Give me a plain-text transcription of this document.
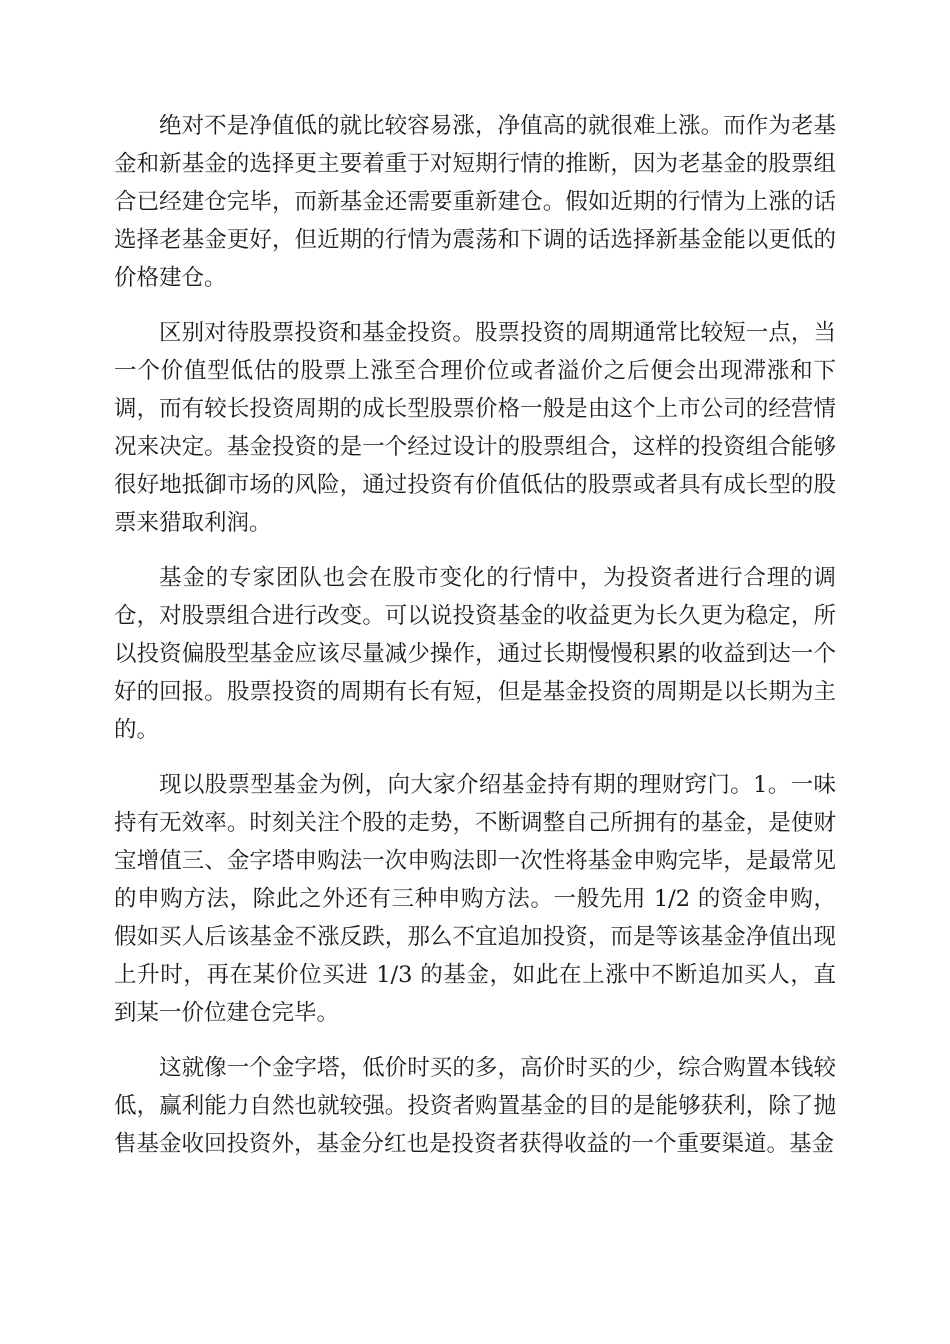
绝对不是净值低的就比较容易涨，净值高的就很难上涨。而作为老基金和新基金的选择更主要着重于对短期行情的推断，因为老基金的股票组合已经建仓完毕，而新基金还需要重新建仓。假如近期的行情为上涨的话选择老基金更好，但近期的行情为震荡和下调的话选择新基金能以更低的价格建仓。

区别对待股票投资和基金投资。股票投资的周期通常比较短一点，当一个价值型低估的股票上涨至合理价位或者溢价之后便会出现滞涨和下调，而有较长投资周期的成长型股票价格一般是由这个上市公司的经营情况来决定。基金投资的是一个经过设计的股票组合，这样的投资组合能够很好地抵御市场的风险，通过投资有价值低估的股票或者具有成长型的股票来猎取利润。

基金的专家团队也会在股市变化的行情中，为投资者进行合理的调仓，对股票组合进行改变。可以说投资基金的收益更为长久更为稳定，所以投资偏股型基金应该尽量减少操作，通过长期慢慢积累的收益到达一个好的回报。股票投资的周期有长有短，但是基金投资的周期是以长期为主的。

现以股票型基金为例，向大家介绍基金持有期的理财窍门。1。一味持有无效率。时刻关注个股的走势，不断调整自己所拥有的基金，是使财宝增值三、金字塔申购法一次申购法即一次性将基金申购完毕，是最常见的申购方法，除此之外还有三种申购方法。一般先用 1/2 的资金申购，假如买人后该基金不涨反跌，那么不宜追加投资，而是等该基金净值出现上升时，再在某价位买进 1/3 的基金，如此在上涨中不断追加买人，直到某一价位建仓完毕。

这就像一个金字塔，低价时买的多，高价时买的少，综合购置本钱较低，赢利能力自然也就较强。投资者购置基金的目的是能够获利，除了抛售基金收回投资外，基金分红也是投资者获得收益的一个重要渠道。基金
